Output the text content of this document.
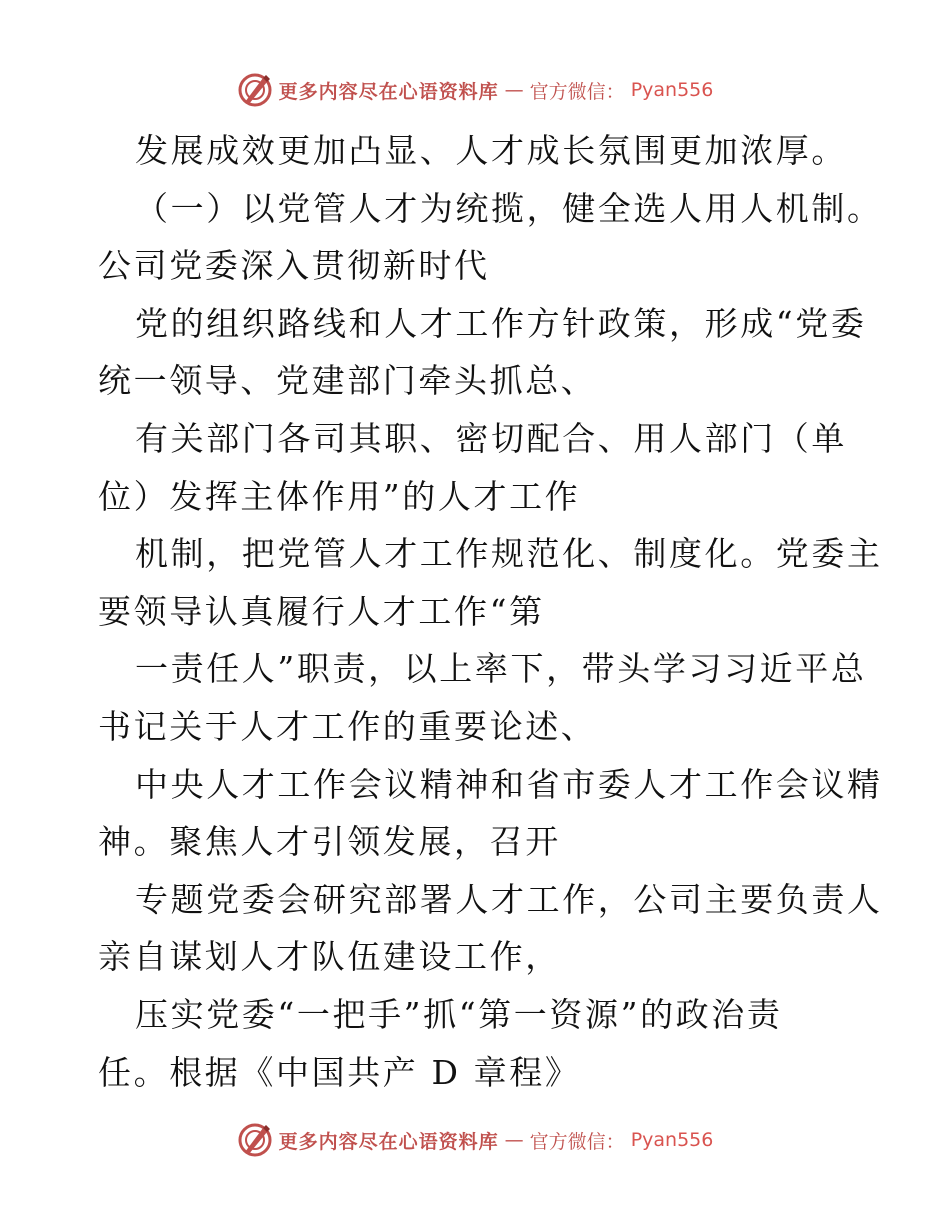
更多内容尽在心语资料库 — 官方微信： Pyan556
发展成效更加凸显、人才成长氛围更加浓厚。
（一）以党管人才为统揽，健全选人用人机制。
公司党委深入贯彻新时代
党的组织路线和人才工作方针政策，形成“党委
统一领导、党建部门牵头抓总、
有关部门各司其职、密切配合、用人部门（单
位）发挥主体作用”的人才工作
机制，把党管人才工作规范化、制度化。党委主
要领导认真履行人才工作“第
一责任人”职责，以上率下，带头学习习近平总
书记关于人才工作的重要论述、
中央人才工作会议精神和省市委人才工作会议精
神。聚焦人才引领发展，召开
专题党委会研究部署人才工作，公司主要负责人
亲自谋划人才队伍建设工作，
压实党委“一把手”抓“第一资源”的政治责
任。根据《中国共产 D 章程》
更多内容尽在心语资料库 — 官方微信： Pyan556
